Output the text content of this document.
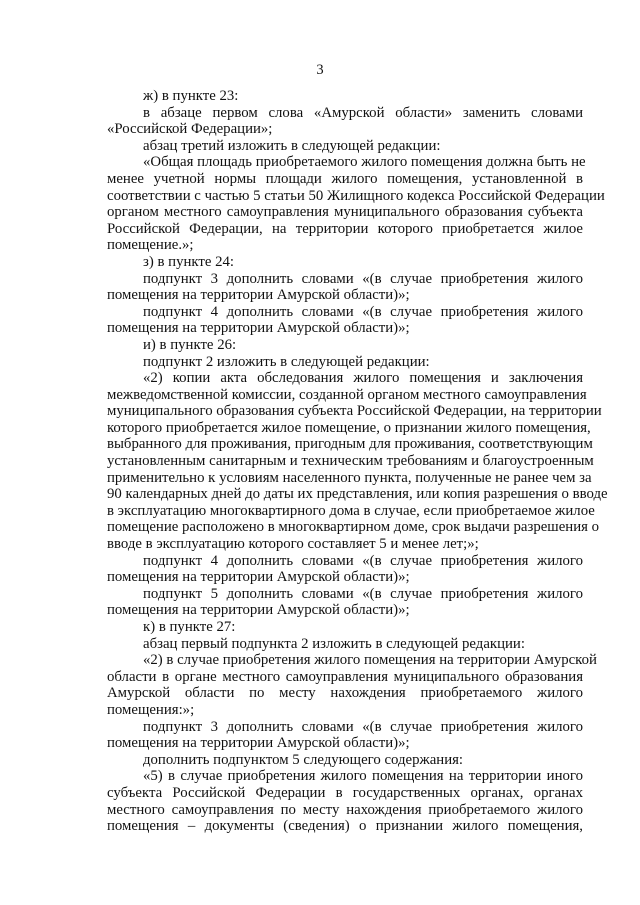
3
ж) в пункте 23:
в абзаце первом слова «Амурской области» заменить словами
«Российской Федерации»;
абзац третий изложить в следующей редакции:
«Общая площадь приобретаемого жилого помещения должна быть не
менее учетной нормы площади жилого помещения, установленной в
соответствии с частью 5 статьи 50 Жилищного кодекса Российской Федерации
органом местного самоуправления муниципального образования субъекта
Российской Федерации, на территории которого приобретается жилое
помещение.»;
з) в пункте 24:
подпункт 3 дополнить словами «(в случае приобретения жилого
помещения на территории Амурской области)»;
подпункт 4 дополнить словами «(в случае приобретения жилого
помещения на территории Амурской области)»;
и) в пункте 26:
подпункт 2 изложить в следующей редакции:
«2) копии акта обследования жилого помещения и заключения
межведомственной комиссии, созданной органом местного самоуправления
муниципального образования субъекта Российской Федерации, на территории
которого приобретается жилое помещение, о признании жилого помещения,
выбранного для проживания, пригодным для проживания, соответствующим
установленным санитарным и техническим требованиям и благоустроенным
применительно к условиям населенного пункта, полученные не ранее чем за
90 календарных дней до даты их представления, или копия разрешения о вводе
в эксплуатацию многоквартирного дома в случае, если приобретаемое жилое
помещение расположено в многоквартирном доме, срок выдачи разрешения о
вводе в эксплуатацию которого составляет 5 и менее лет;»;
подпункт 4 дополнить словами «(в случае приобретения жилого
помещения на территории Амурской области)»;
подпункт 5 дополнить словами «(в случае приобретения жилого
помещения на территории Амурской области)»;
к) в пункте 27:
абзац первый подпункта 2 изложить в следующей редакции:
«2) в случае приобретения жилого помещения на территории Амурской
области в органе местного самоуправления муниципального образования
Амурской области по месту нахождения приобретаемого жилого
помещения:»;
подпункт 3 дополнить словами «(в случае приобретения жилого
помещения на территории Амурской области)»;
дополнить подпунктом 5 следующего содержания:
«5) в случае приобретения жилого помещения на территории иного
субъекта Российской Федерации в государственных органах, органах
местного самоуправления по месту нахождения приобретаемого жилого
помещения – документы (сведения) о признании жилого помещения,
